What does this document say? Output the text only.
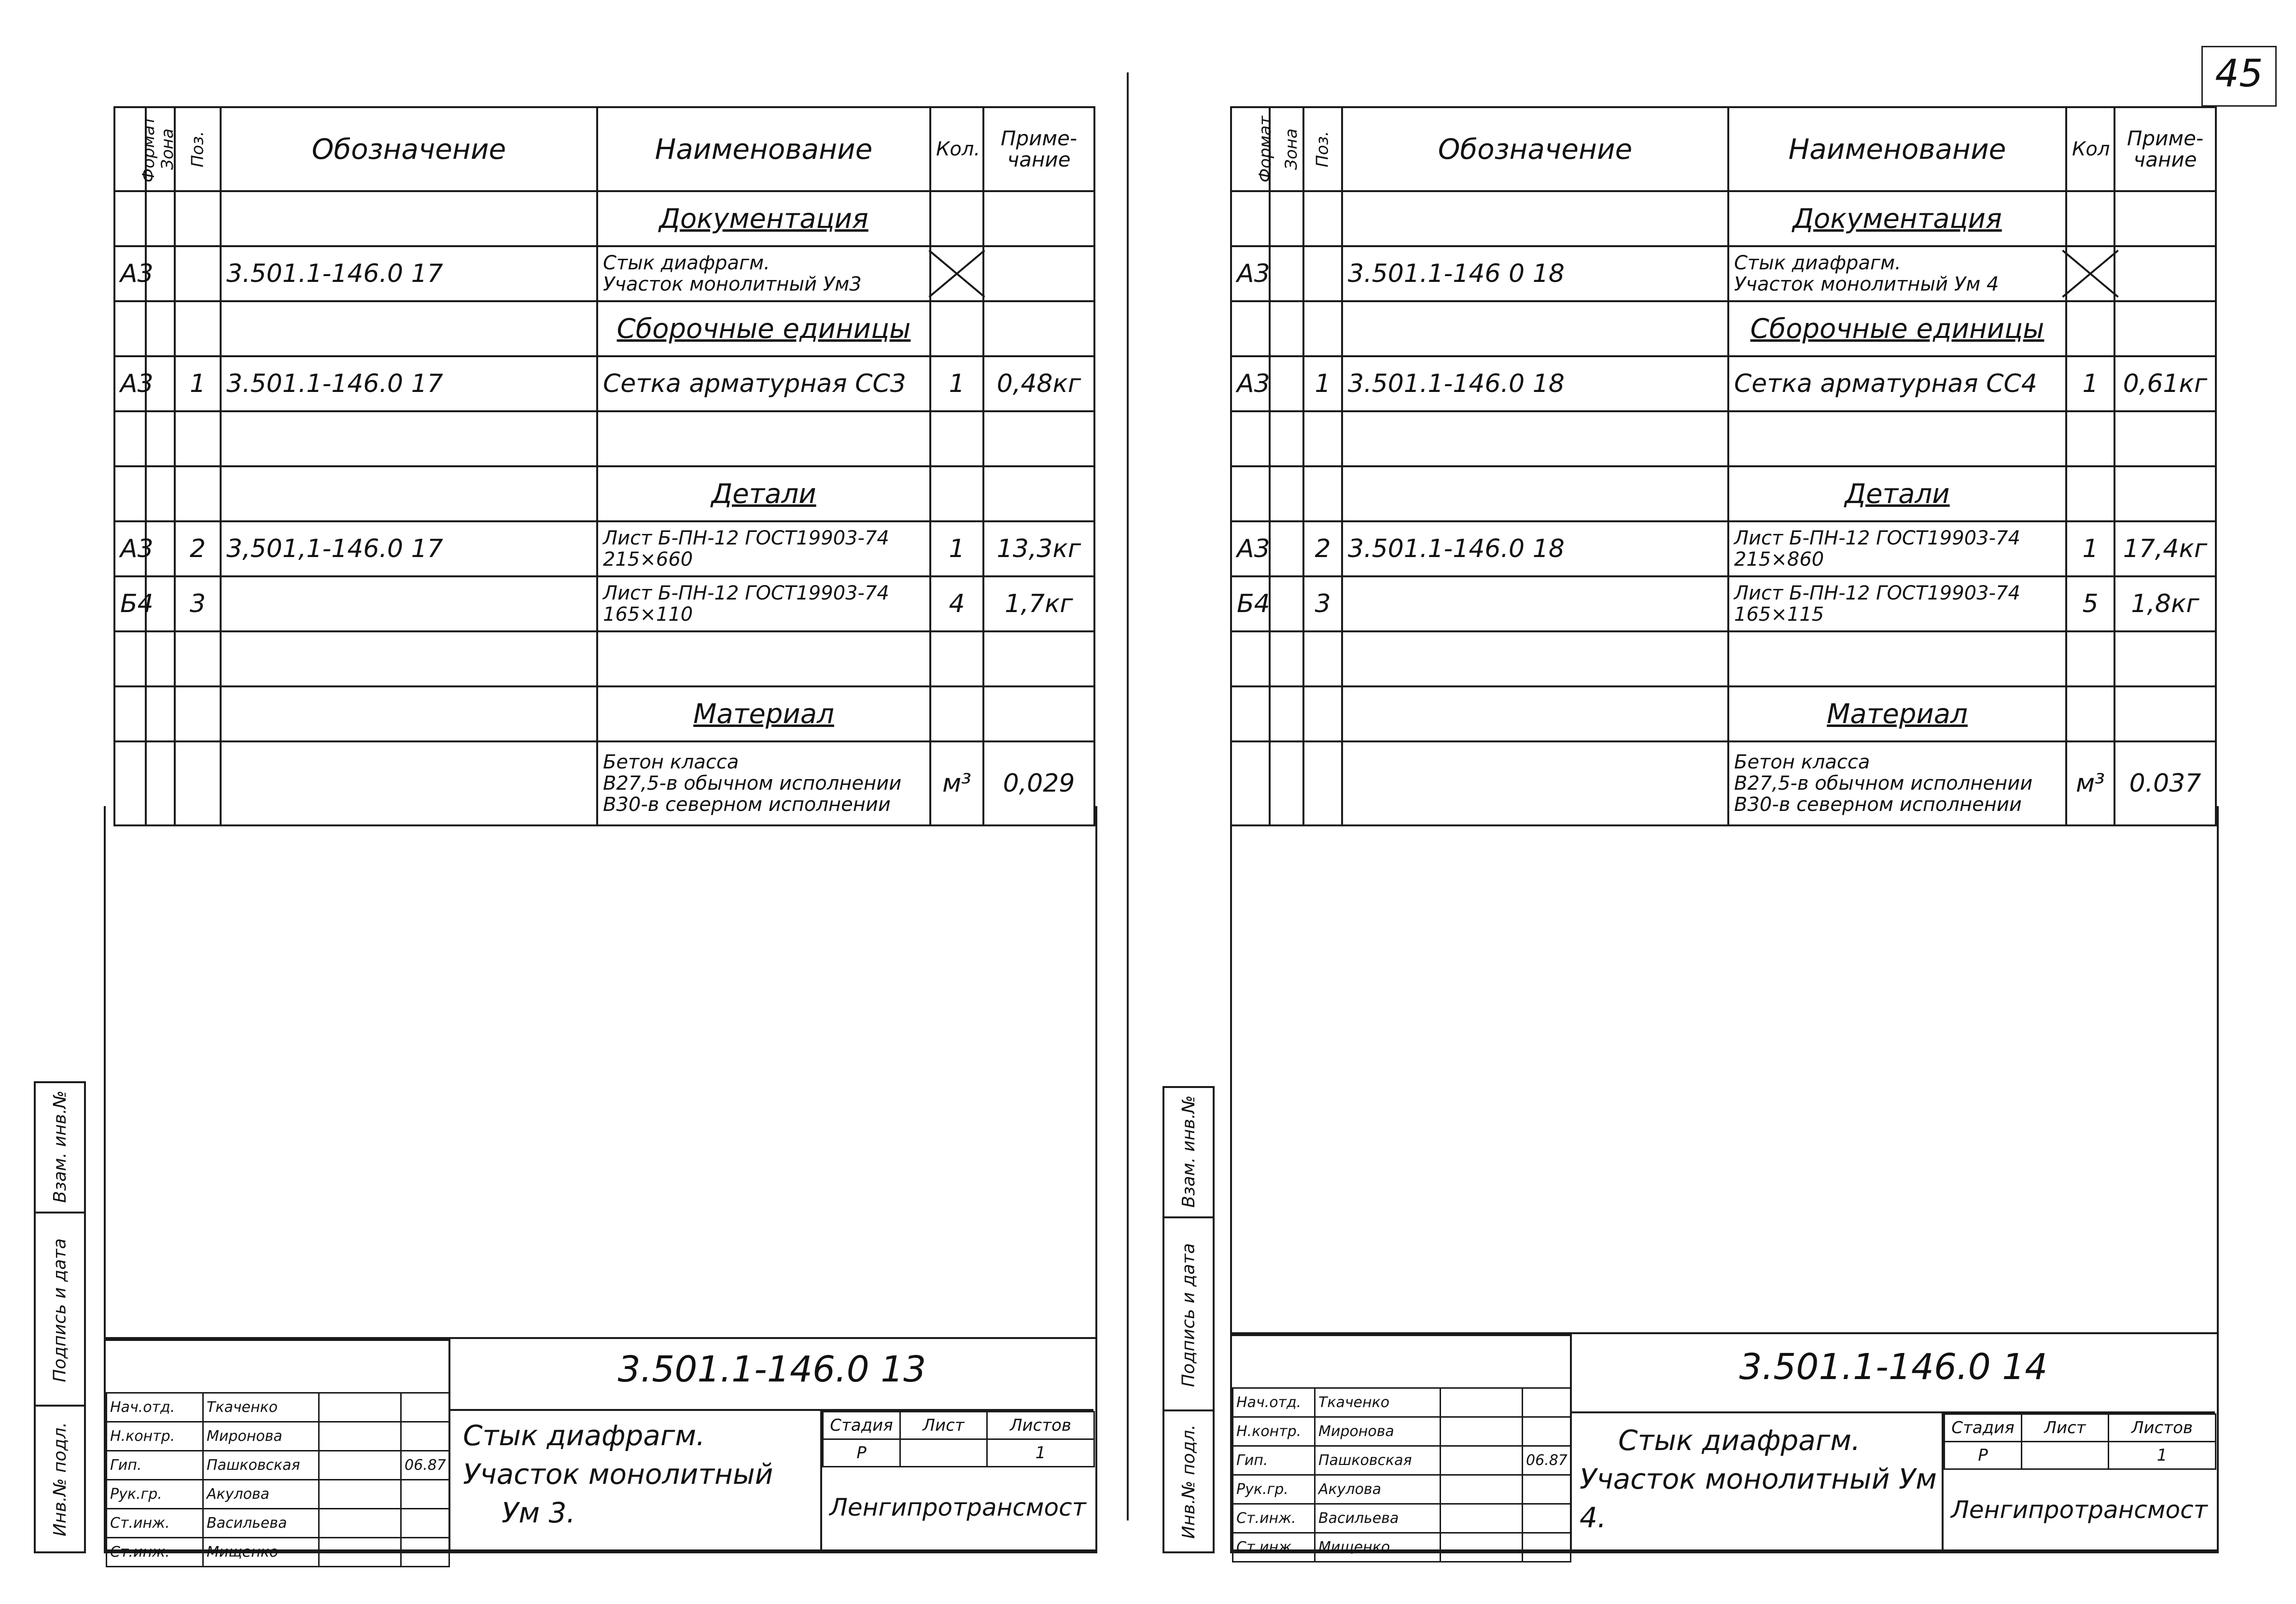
45
Формат	Зона	Поз.	Обозначение	Наименование	Кол.	Приме-чание
				Документация		
А3			3.501.1-146.0 17	Стык диафрагм.
Участок монолитный Ум3		
				Сборочные единицы		
А3		1	3.501.1-146.0 17	Сетка арматурная СС3	1	0,48кг

				Детали		
А3		2	3,501,1-146.0 17	Лист Б-ПН-12 ГОСТ19903-74
215×660	1	13,3кг
Б4		3		Лист Б-ПН-12 ГОСТ19903-74
165×110	4	1,7кг

				Материал		
				Бетон класса
В27,5-в обычном исполнении
В30-в северном исполнении	м³	0,029
Взам. инв.№
Подпись и дата
Инв.№ подл.
Нач.отд.	Ткаченко		
Н.контр.	Миронова		
Гип.	Пашковская		06.87
Рук.гр.	Акулова		
Ст.инж.	Васильева		
Ст.инж.	Мищенко		
3.501.1-146.0 13
Стык диафрагм.
Участок монолитный
Ум 3.
Стадия	Лист	Листов
Р		1
Ленгипротрансмост
Формат	Зона	Поз.	Обозначение	Наименование	Кол	Приме-чание
				Документация		
А3			3.501.1-146 0 18	Стык диафрагм.
Участок монолитный Ум 4		
				Сборочные единицы		
А3		1	3.501.1-146.0 18	Сетка арматурная СС4	1	0,61кг

				Детали		
А3		2	3.501.1-146.0 18	Лист Б-ПН-12 ГОСТ19903-74
215×860	1	17,4кг
Б4		3		Лист Б-ПН-12 ГОСТ19903-74
165×115	5	1,8кг

				Материал		
				Бетон класса
В27,5-в обычном исполнении
В30-в северном исполнении	м³	0.037
Взам. инв.№
Подпись и дата
Инв.№ подл.
Нач.отд.	Ткаченко		
Н.контр.	Миронова		
Гип.	Пашковская		06.87
Рук.гр.	Акулова		
Ст.инж.	Васильева		
Ст.инж.	Мищенко		
3.501.1-146.0 14
Стык диафрагм.
Участок монолитный Ум 4.
Стадия	Лист	Листов
Р		1
Ленгипротрансмост
